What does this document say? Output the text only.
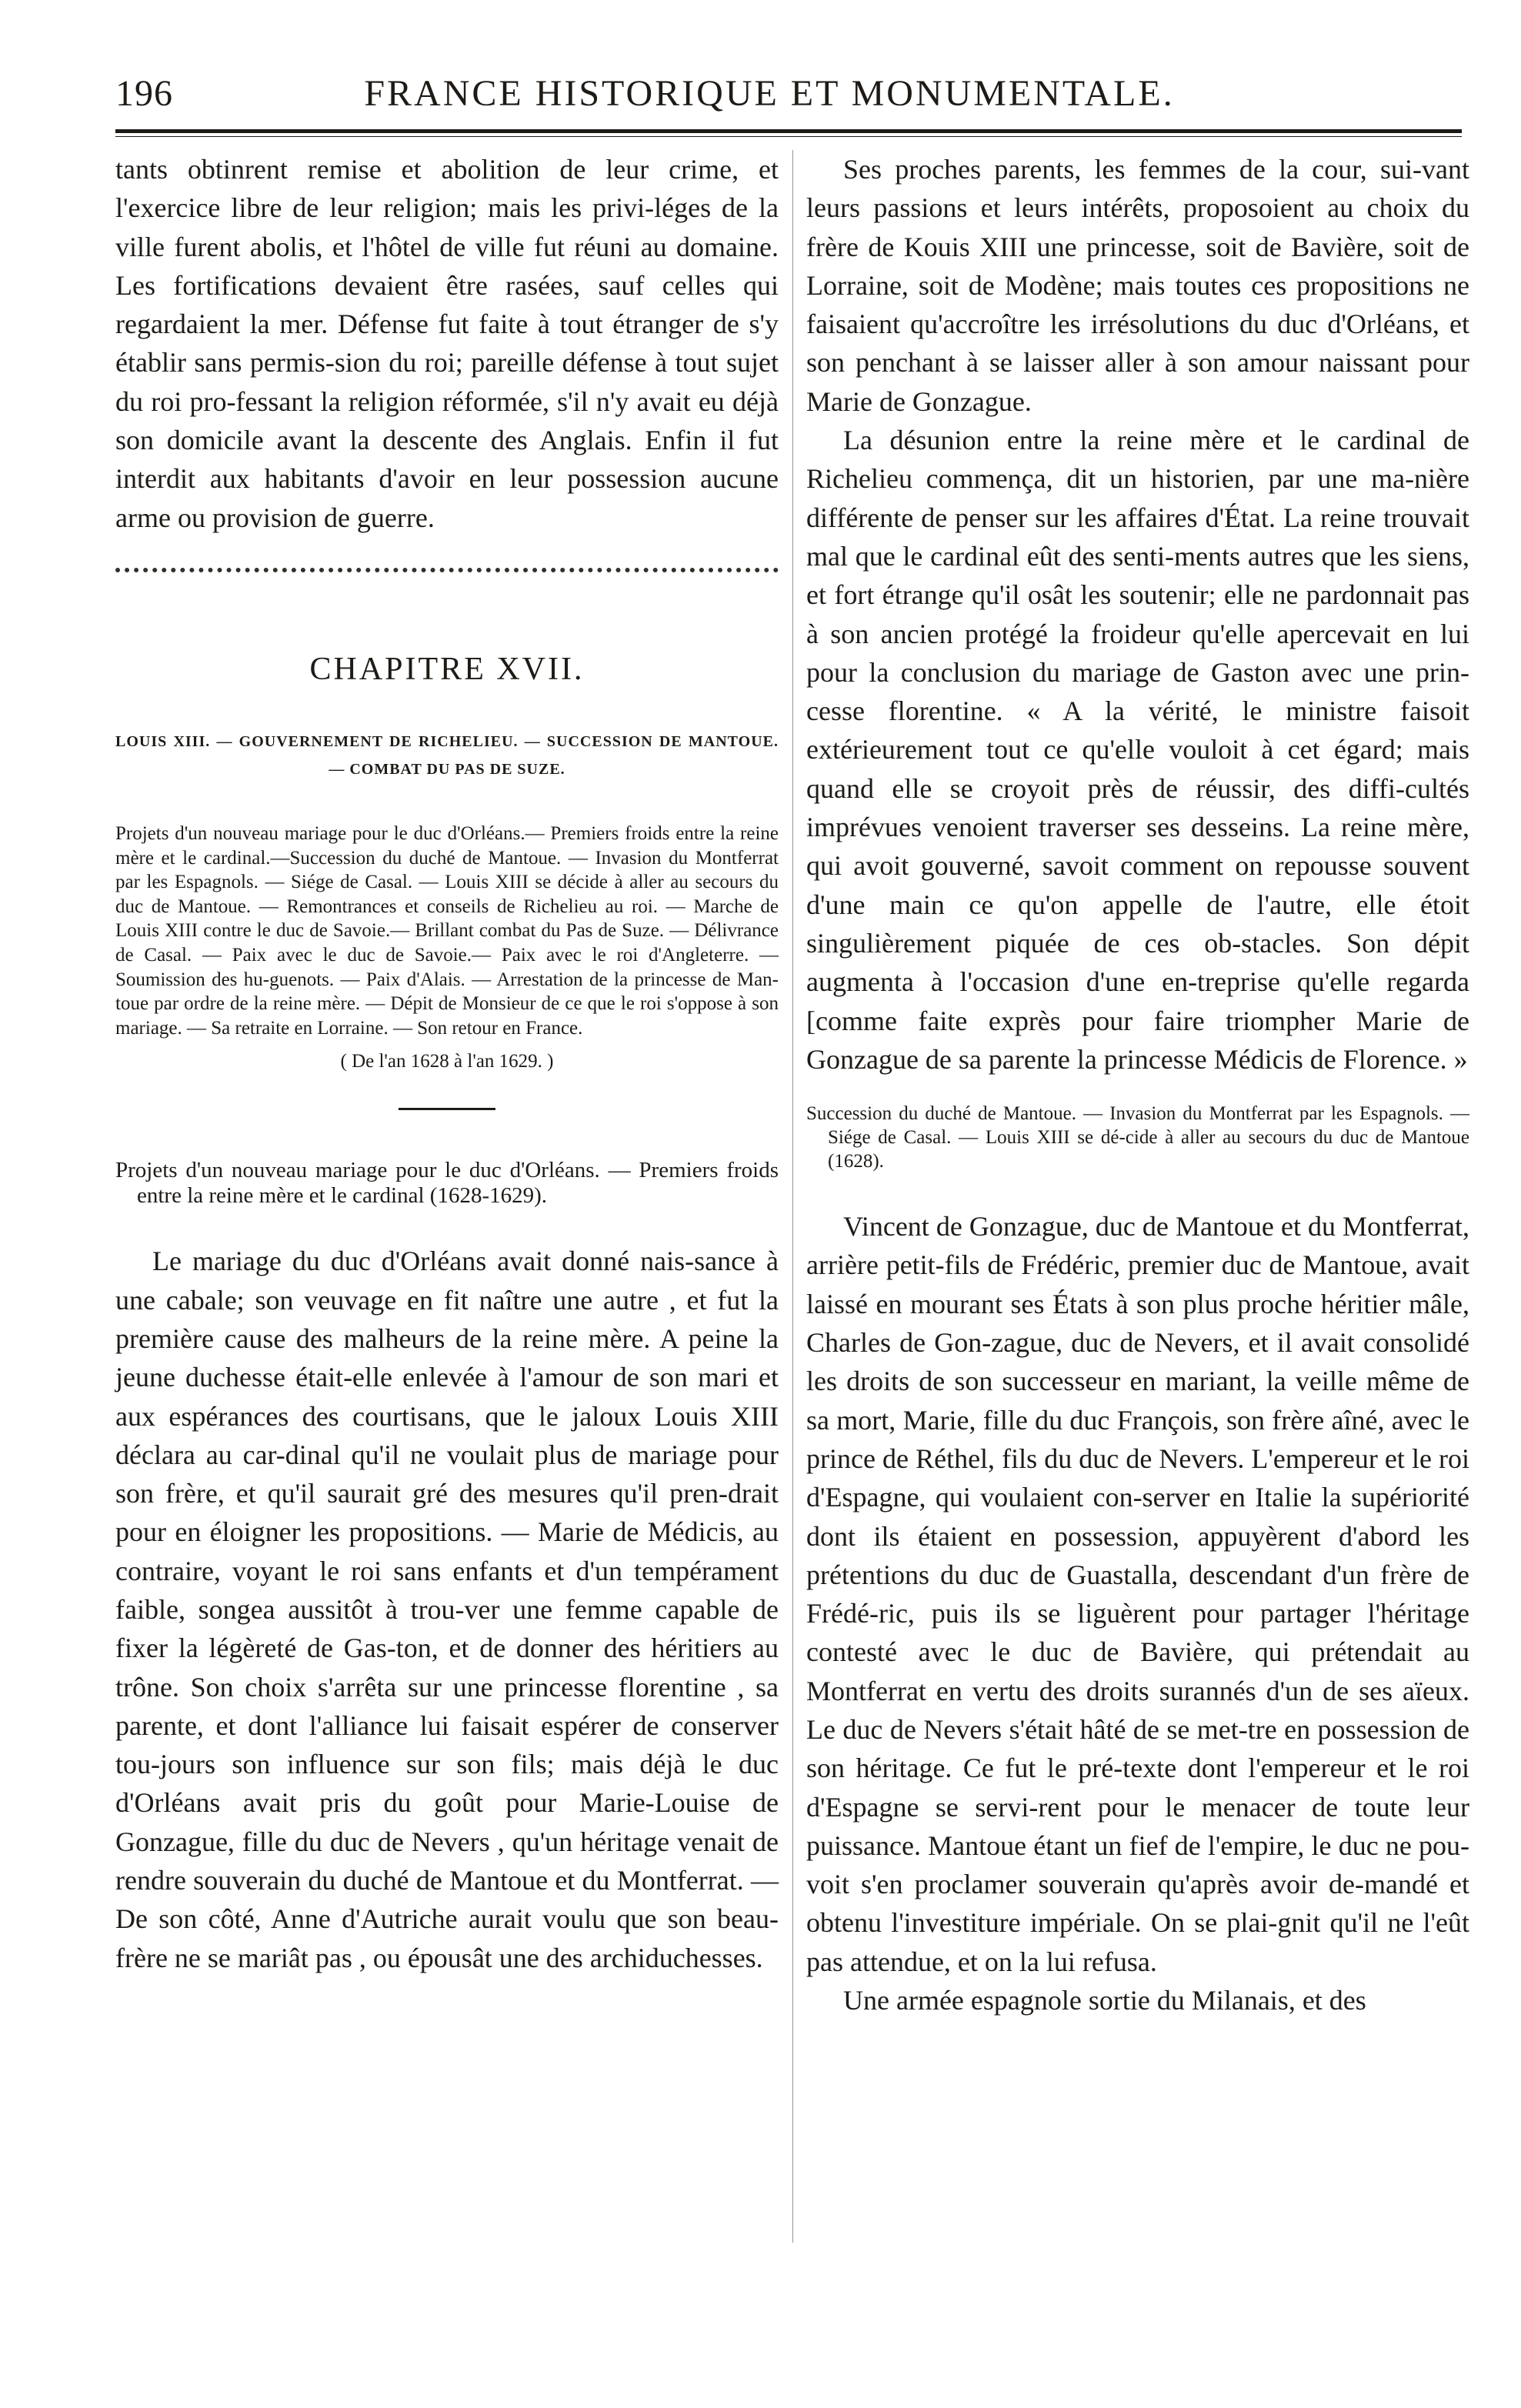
196	FRANCE HISTORIQUE ET MONUMENTALE.

tants obtinrent remise et abolition de leur crime, et l'exercice libre de leur religion; mais les privi-léges de la ville furent abolis, et l'hôtel de ville fut réuni au domaine. Les fortifications devaient être rasées, sauf celles qui regardaient la mer. Défense fut faite à tout étranger de s'y établir sans permis-sion du roi; pareille défense à tout sujet du roi pro-fessant la religion réformée, s'il n'y avait eu déjà son domicile avant la descente des Anglais. Enfin il fut interdit aux habitants d'avoir en leur possession aucune arme ou provision de guerre.

CHAPITRE XVII.
LOUIS XIII. — GOUVERNEMENT DE RICHELIEU. — SUCCESSION DE MANTOUE. — COMBAT DU PAS DE SUZE.

Projets d'un nouveau mariage pour le duc d'Orléans.— Premiers froids entre la reine mère et le cardinal.—Succession du duché de Mantoue. — Invasion du Montferrat par les Espagnols. — Siége de Casal. — Louis XIII se décide à aller au secours du duc de Mantoue. — Remontrances et conseils de Richelieu au roi. — Marche de Louis XIII contre le duc de Savoie.— Brillant combat du Pas de Suze. — Délivrance de Casal. — Paix avec le duc de Savoie.— Paix avec le roi d'Angleterre. — Soumission des hu-guenots. — Paix d'Alais. — Arrestation de la princesse de Man-toue par ordre de la reine mère. — Dépit de Monsieur de ce que le roi s'oppose à son mariage. — Sa retraite en Lorraine. — Son retour en France.

( De l'an 1628 à l'an 1629. )
Projets d'un nouveau mariage pour le duc d'Orléans. — Premiers froids entre la reine mère et le cardinal (1628-1629).

Le mariage du duc d'Orléans avait donné nais-sance à une cabale; son veuvage en fit naître une autre , et fut la première cause des malheurs de la reine mère. A peine la jeune duchesse était-elle enlevée à l'amour de son mari et aux espérances des courtisans, que le jaloux Louis XIII déclara au car-dinal qu'il ne voulait plus de mariage pour son frère, et qu'il saurait gré des mesures qu'il pren-drait pour en éloigner les propositions. — Marie de Médicis, au contraire, voyant le roi sans enfants et d'un tempérament faible, songea aussitôt à trou-ver une femme capable de fixer la légèreté de Gas-ton, et de donner des héritiers au trône. Son choix s'arrêta sur une princesse florentine , sa parente, et dont l'alliance lui faisait espérer de conserver tou-jours son influence sur son fils; mais déjà le duc d'Orléans avait pris du goût pour Marie-Louise de Gonzague, fille du duc de Nevers , qu'un héritage venait de rendre souverain du duché de Mantoue et du Montferrat. — De son côté, Anne d'Autriche aurait voulu que son beau-frère ne se mariât pas , ou épousât une des archiduchesses.

Ses proches parents, les femmes de la cour, sui-vant leurs passions et leurs intérêts, proposoient au choix du frère de Kouis XIII une princesse, soit de Bavière, soit de Lorraine, soit de Modène; mais toutes ces propositions ne faisaient qu'accroître les irrésolutions du duc d'Orléans, et son penchant à se laisser aller à son amour naissant pour Marie de Gonzague.

La désunion entre la reine mère et le cardinal de Richelieu commença, dit un historien, par une ma-nière différente de penser sur les affaires d'État. La reine trouvait mal que le cardinal eût des senti-ments autres que les siens, et fort étrange qu'il osât les soutenir; elle ne pardonnait pas à son ancien protégé la froideur qu'elle apercevait en lui pour la conclusion du mariage de Gaston avec une prin-cesse florentine. « A la vérité, le ministre faisoit extérieurement tout ce qu'elle vouloit à cet égard; mais quand elle se croyoit près de réussir, des diffi-cultés imprévues venoient traverser ses desseins. La reine mère, qui avoit gouverné, savoit comment on repousse souvent d'une main ce qu'on appelle de l'autre, elle étoit singulièrement piquée de ces ob-stacles. Son dépit augmenta à l'occasion d'une en-treprise qu'elle regarda [comme faite exprès pour faire triompher Marie de Gonzague de sa parente la princesse Médicis de Florence. »

Succession du duché de Mantoue. — Invasion du Montferrat par les Espagnols. — Siége de Casal. — Louis XIII se dé-cide à aller au secours du duc de Mantoue (1628).

Vincent de Gonzague, duc de Mantoue et du Montferrat, arrière petit-fils de Frédéric, premier duc de Mantoue, avait laissé en mourant ses États à son plus proche héritier mâle, Charles de Gon-zague, duc de Nevers, et il avait consolidé les droits de son successeur en mariant, la veille même de sa mort, Marie, fille du duc François, son frère aîné, avec le prince de Réthel, fils du duc de Nevers. L'empereur et le roi d'Espagne, qui voulaient con-server en Italie la supériorité dont ils étaient en possession, appuyèrent d'abord les prétentions du duc de Guastalla, descendant d'un frère de Frédé-ric, puis ils se liguèrent pour partager l'héritage contesté avec le duc de Bavière, qui prétendait au Montferrat en vertu des droits surannés d'un de ses aïeux. Le duc de Nevers s'était hâté de se met-tre en possession de son héritage. Ce fut le pré-texte dont l'empereur et le roi d'Espagne se servi-rent pour le menacer de toute leur puissance. Mantoue étant un fief de l'empire, le duc ne pou-voit s'en proclamer souverain qu'après avoir de-mandé et obtenu l'investiture impériale. On se plai-gnit qu'il ne l'eût pas attendue, et on la lui refusa.

Une armée espagnole sortie du Milanais, et des
